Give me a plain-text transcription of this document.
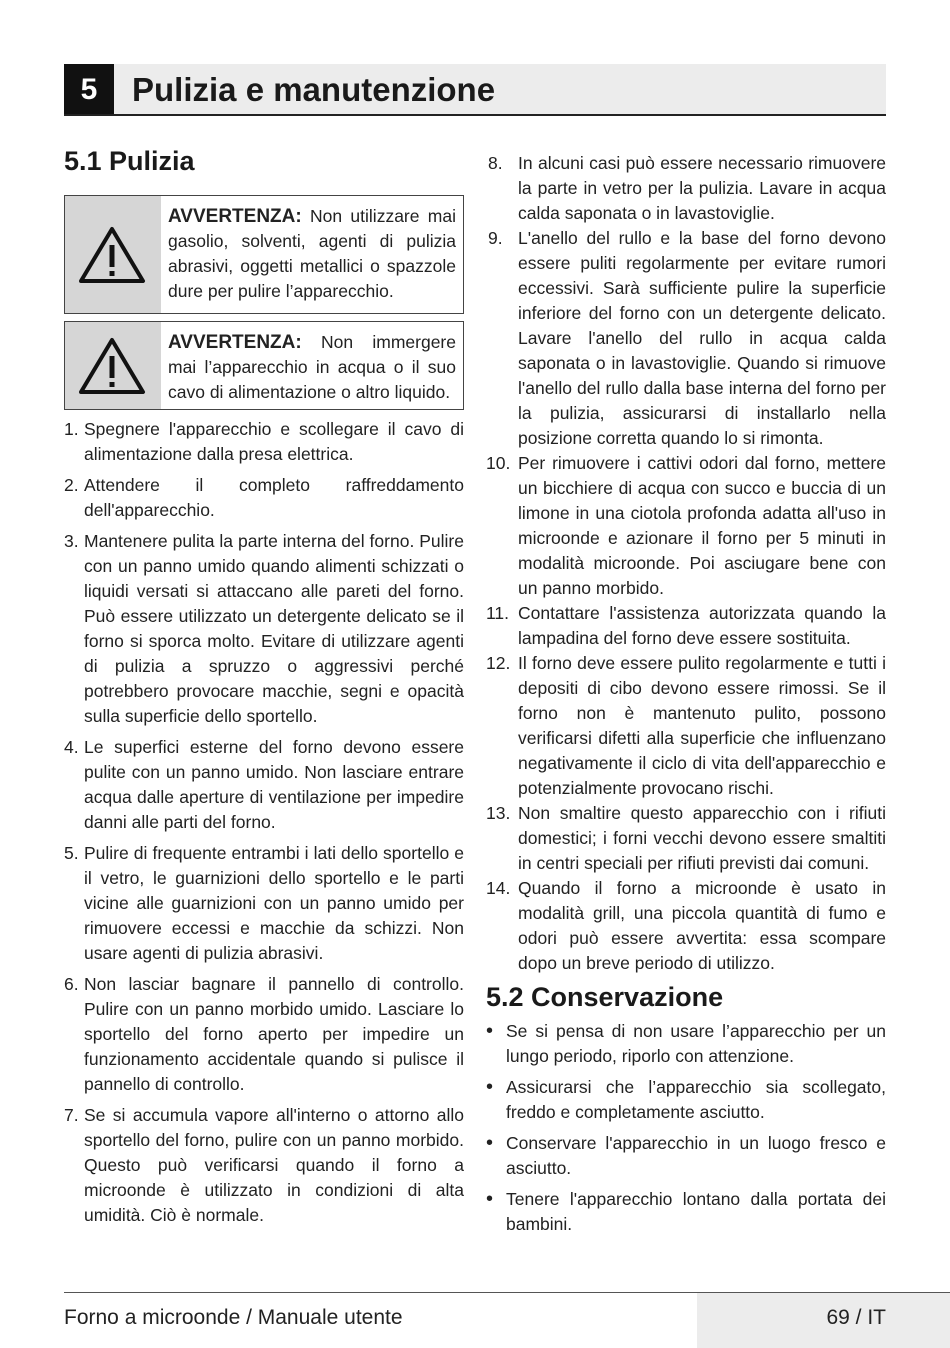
5	Pulizia e manutenzione
5.1 Pulizia
AVVERTENZA: Non utilizzare mai gasolio, solventi, agenti di pulizia abrasivi, oggetti metallici o spazzole dure per pulire l’apparecchio.
AVVERTENZA: Non immergere mai l’apparecchio in acqua o il suo cavo di alimentazione o altro liquido.
1. Spegnere l'apparecchio e scollegare il cavo di alimentazione dalla presa elettrica.
2. Attendere il completo raffreddamento dell'apparecchio.
3. Mantenere pulita la parte interna del forno. Pulire con un panno umido quando alimenti schizzati o liquidi versati si attaccano alle pareti del forno. Può essere utilizzato un detergente delicato se il forno si sporca molto. Evitare di utilizzare agenti di pulizia a spruzzo o aggressivi perché potrebbero provocare macchie, segni e opacità sulla superficie dello sportello.
4. Le superfici esterne del forno devono essere pulite con un panno umido. Non lasciare entrare acqua dalle aperture di ventilazione per impedire danni alle parti del forno.
5. Pulire di frequente entrambi i lati dello sportello e il vetro, le guarnizioni dello sportello e le parti vicine alle guarnizioni con un panno umido per rimuovere eccessi e macchie da schizzi. Non usare agenti di pulizia abrasivi.
6. Non lasciar bagnare il pannello di controllo. Pulire con un panno morbido umido. Lasciare lo sportello del forno aperto per impedire un funzionamento accidentale quando si pulisce il pannello di controllo.
7. Se si accumula vapore all'interno o attorno allo sportello del forno, pulire con un panno morbido. Questo può verificarsi quando il forno a microonde è utilizzato in condizioni di alta umidità. Ciò è normale.
8. In alcuni casi può essere necessario rimuovere la parte in vetro per la pulizia. Lavare in acqua calda saponata o in lavastoviglie.
9. L'anello del rullo e la base del forno devono essere puliti regolarmente per evitare rumori eccessivi. Sarà sufficiente pulire la superficie inferiore del forno con un detergente delicato. Lavare l'anello del rullo in acqua calda saponata o in lavastoviglie. Quando si rimuove l'anello del rullo dalla base interna del forno per la pulizia, assicurarsi di installarlo nella posizione corretta quando lo si rimonta.
10. Per rimuovere i cattivi odori dal forno, mettere un bicchiere di acqua con succo e buccia di un limone in una ciotola profonda adatta all'uso in microonde e azionare il forno per 5 minuti in modalità microonde. Poi asciugare bene con un panno morbido.
11. Contattare l'assistenza autorizzata quando la lampadina del forno deve essere sostituita.
12. Il forno deve essere pulito regolarmente e tutti i depositi di cibo devono essere rimossi. Se il forno non è mantenuto pulito, possono verificarsi difetti alla superficie che influenzano negativamente il ciclo di vita dell'apparecchio e potenzialmente provocano rischi.
13. Non smaltire questo apparecchio con i rifiuti domestici; i forni vecchi devono essere smaltiti in centri speciali per rifiuti previsti dai comuni.
14. Quando il forno a microonde è usato in modalità grill, una piccola quantità di fumo e odori può essere avvertita: essa scompare dopo un breve periodo di utilizzo.
5.2 Conservazione
• Se si pensa di non usare l’apparecchio per un lungo periodo, riporlo con attenzione.
• Assicurarsi che l’apparecchio sia scollegato, freddo e completamente asciutto.
• Conservare l'apparecchio in un luogo fresco e asciutto.
• Tenere l'apparecchio lontano dalla portata dei bambini.
Forno a microonde / Manuale utente	69 / IT
